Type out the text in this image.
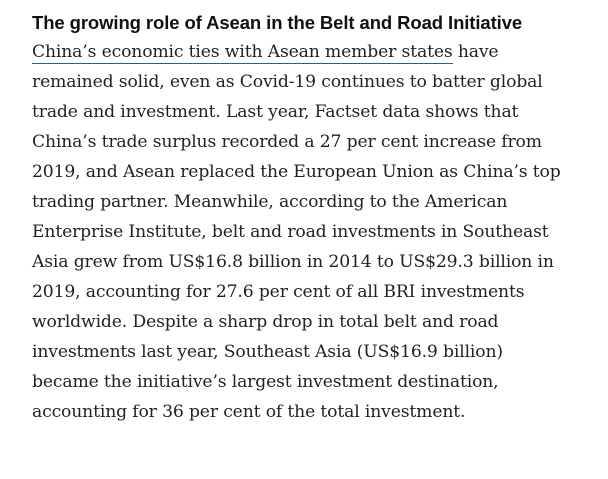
The growing role of Asean in the Belt and Road Initiative

China’s economic ties with Asean member states have remained solid, even as Covid-19 continues to batter global trade and investment. Last year, Factset data shows that China’s trade surplus recorded a 27 per cent increase from 2019, and Asean replaced the European Union as China’s top trading partner. Meanwhile, according to the American Enterprise Institute, belt and road investments in Southeast Asia grew from US$16.8 billion in 2014 to US$29.3 billion in 2019, accounting for 27.6 per cent of all BRI investments worldwide. Despite a sharp drop in total belt and road investments last year, Southeast Asia (US$16.9 billion) became the initiative’s largest investment destination, accounting for 36 per cent of the total investment.
